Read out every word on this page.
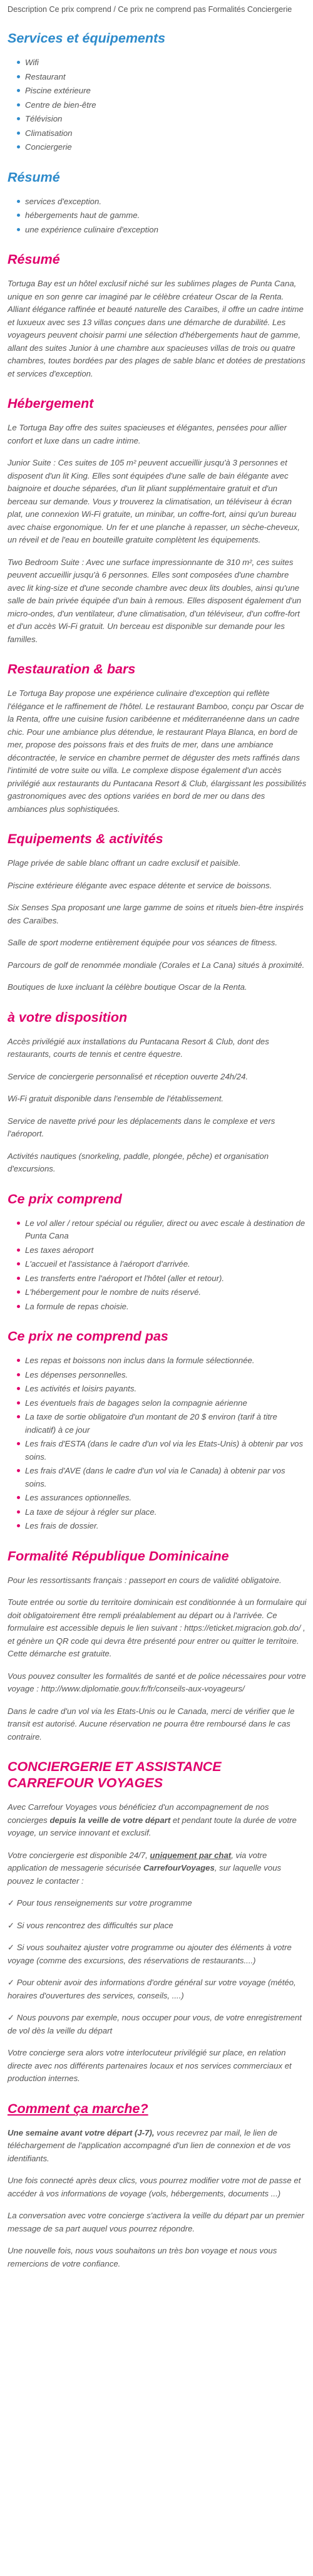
Description Ce prix comprend / Ce prix ne comprend pas Formalités Conciergerie
Services et équipements
Wifi
Restaurant
Piscine extérieure
Centre de bien-être
Télévision
Climatisation
Conciergerie
Résumé
services d'exception.
hébergements haut de gamme.
une expérience culinaire d'exception
Résumé

Tortuga Bay est un hôtel exclusif niché sur les sublimes plages de Punta Cana, unique en son genre car imaginé par le célèbre créateur Oscar de la Renta. Alliant élégance raffinée et beauté naturelle des Caraïbes, il offre un cadre intime et luxueux avec ses 13 villas conçues dans une démarche de durabilité. Les voyageurs peuvent choisir parmi une sélection d'hébergements haut de gamme, allant des suites Junior à une chambre aux spacieuses villas de trois ou quatre chambres, toutes bordées par des plages de sable blanc et dotées de prestations et services d'exception.

Hébergement

Le Tortuga Bay offre des suites spacieuses et élégantes, pensées pour allier confort et luxe dans un cadre intime.

Junior Suite : Ces suites de 105 m² peuvent accueillir jusqu'à 3 personnes et disposent d'un lit King. Elles sont équipées d'une salle de bain élégante avec baignoire et douche séparées, d'un lit pliant supplémentaire gratuit et d'un berceau sur demande. Vous y trouverez la climatisation, un téléviseur à écran plat, une connexion Wi-Fi gratuite, un minibar, un coffre-fort, ainsi qu'un bureau avec chaise ergonomique. Un fer et une planche à repasser, un sèche-cheveux, un réveil et de l'eau en bouteille gratuite complètent les équipements.

Two Bedroom Suite : Avec une surface impressionnante de 310 m², ces suites peuvent accueillir jusqu'à 6 personnes. Elles sont composées d'une chambre avec lit king-size et d'une seconde chambre avec deux lits doubles, ainsi qu'une salle de bain privée équipée d'un bain à remous. Elles disposent également d'un micro-ondes, d'un ventilateur, d'une climatisation, d'un téléviseur, d'un coffre-fort et d'un accès Wi-Fi gratuit. Un berceau est disponible sur demande pour les familles.

Restauration & bars

Le Tortuga Bay propose une expérience culinaire d'exception qui reflète l'élégance et le raffinement de l'hôtel. Le restaurant Bamboo, conçu par Oscar de la Renta, offre une cuisine fusion caribéenne et méditerranéenne dans un cadre chic. Pour une ambiance plus détendue, le restaurant Playa Blanca, en bord de mer, propose des poissons frais et des fruits de mer, dans une ambiance décontractée, le service en chambre permet de déguster des mets raffinés dans l'intimité de votre suite ou villa. Le complexe dispose également d'un accès privilégié aux restaurants du Puntacana Resort & Club, élargissant les possibilités gastronomiques avec des options variées en bord de mer ou dans des ambiances plus sophistiquées.

Equipements & activités

Plage privée de sable blanc offrant un cadre exclusif et paisible.

Piscine extérieure élégante avec espace détente et service de boissons.

Six Senses Spa proposant une large gamme de soins et rituels bien-être inspirés des Caraïbes.

Salle de sport moderne entièrement équipée pour vos séances de fitness.

Parcours de golf de renommée mondiale (Corales et La Cana) situés à proximité.

Boutiques de luxe incluant la célèbre boutique Oscar de la Renta.

à votre disposition

Accès privilégié aux installations du Puntacana Resort & Club, dont des restaurants, courts de tennis et centre équestre.

Service de conciergerie personnalisé et réception ouverte 24h/24.

Wi-Fi gratuit disponible dans l'ensemble de l'établissement.

Service de navette privé pour les déplacements dans le complexe et vers l'aéroport.

Activités nautiques (snorkeling, paddle, plongée, pêche) et organisation d'excursions.

Ce prix comprend
Le vol aller / retour spécial ou régulier, direct ou avec escale à destination de Punta Cana
Les taxes aéroport
L'accueil et l'assistance à l'aéroport d'arrivée.
Les transferts entre l'aéroport et l'hôtel (aller et retour).
L'hébergement pour le nombre de nuits réservé.
La formule de repas choisie.
Ce prix ne comprend pas
Les repas et boissons non inclus dans la formule sélectionnée.
Les dépenses personnelles.
Les activités et loisirs payants.
Les éventuels frais de bagages selon la compagnie aérienne
La taxe de sortie obligatoire d'un montant de 20 $ environ (tarif à titre indicatif) à ce jour
Les frais d'ESTA (dans le cadre d'un vol via les Etats-Unis) à obtenir par vos soins.
Les frais d'AVE (dans le cadre d'un vol via le Canada) à obtenir par vos soins.
Les assurances optionnelles.
La taxe de séjour à régler sur place.
Les frais de dossier.
Formalité République Dominicaine

Pour les ressortissants français : passeport en cours de validité obligatoire.

Toute entrée ou sortie du territoire dominicain est conditionnée à un formulaire qui doit obligatoirement être rempli préalablement au départ ou à l'arrivée. Ce formulaire est accessible depuis le lien suivant : https://eticket.migracion.gob.do/ , et génère un QR code qui devra être présenté pour entrer ou quitter le territoire. Cette démarche est gratuite.

Vous pouvez consulter les formalités de santé et de police nécessaires pour votre voyage : http://www.diplomatie.gouv.fr/fr/conseils-aux-voyageurs/

Dans le cadre d'un vol via les Etats-Unis ou le Canada, merci de vérifier que le transit est autorisé. Aucune réservation ne pourra être remboursé dans le cas contraire.

CONCIERGERIE ET ASSISTANCE CARREFOUR VOYAGES

Avec Carrefour Voyages vous bénéficiez d'un accompagnement de nos concierges depuis la veille de votre départ et pendant toute la durée de votre voyage, un service innovant et exclusif.

Votre conciergerie est disponible 24/7, uniquement par chat, via votre application de messagerie sécurisée CarrefourVoyages, sur laquelle vous pouvez le contacter :

✓ Pour tous renseignements sur votre programme

✓ Si vous rencontrez des difficultés sur place

✓ Si vous souhaitez ajuster votre programme ou ajouter des éléments à votre voyage (comme des excursions, des réservations de restaurants....)

✓ Pour obtenir avoir des informations d'ordre général sur votre voyage (météo, horaires d'ouvertures des services, conseils, ....)

✓ Nous pouvons par exemple, nous occuper pour vous, de votre enregistrement de vol dès la veille du départ

Votre concierge sera alors votre interlocuteur privilégié sur place, en relation directe avec nos différents partenaires locaux et nos services commerciaux et production internes.

Comment ça marche?

Une semaine avant votre départ (J-7), vous recevrez par mail, le lien de téléchargement de l'application accompagné d'un lien de connexion et de vos identifiants.

Une fois connecté après deux clics, vous pourrez modifier votre mot de passe et accéder à vos informations de voyage (vols, hébergements, documents ...)

La conversation avec votre concierge s'activera la veille du départ par un premier message de sa part auquel vous pourrez répondre.

Une nouvelle fois, nous vous souhaitons un très bon voyage et nous vous remercions de votre confiance.
